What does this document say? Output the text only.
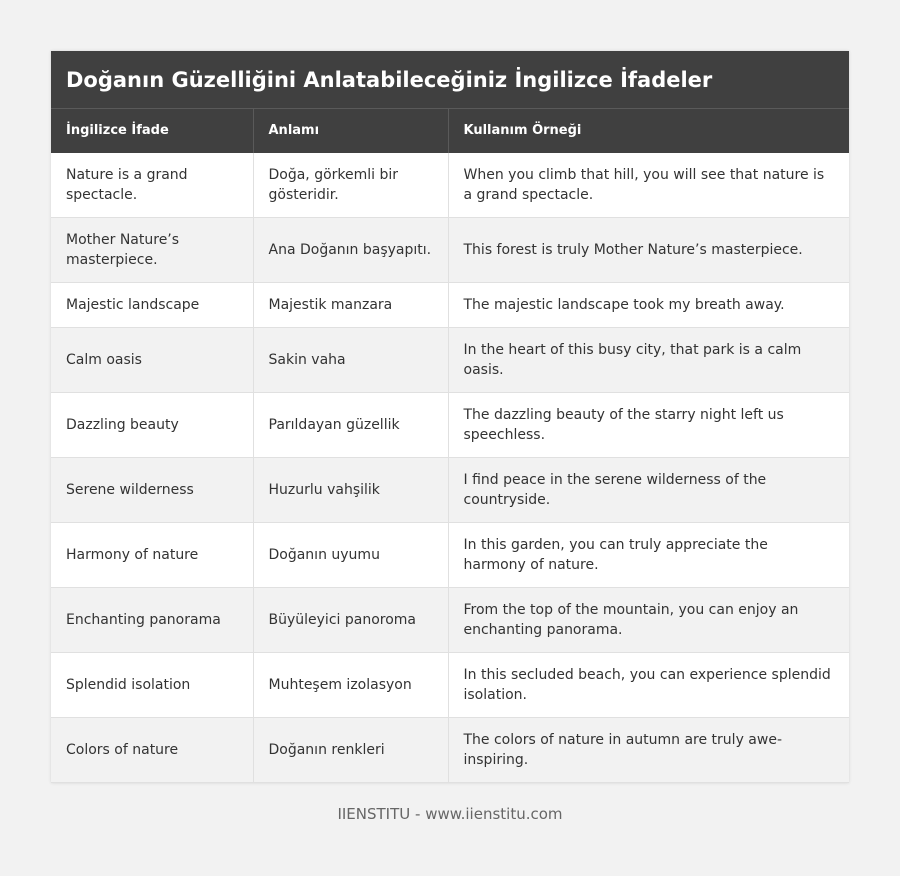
Doğanın Güzelliğini Anlatabileceğiniz İngilizce İfadeler
İngilizce İfade	Anlamı	Kullanım Örneği
Nature is a grand spectacle.	Doğa, görkemli bir gösteridir.	When you climb that hill, you will see that nature is a grand spectacle.
Mother Nature’s masterpiece.	Ana Doğanın başyapıtı.	This forest is truly Mother Nature’s masterpiece.
Majestic landscape	Majestik manzara	The majestic landscape took my breath away.
Calm oasis	Sakin vaha	In the heart of this busy city, that park is a calm oasis.
Dazzling beauty	Parıldayan güzellik	The dazzling beauty of the starry night left us speechless.
Serene wilderness	Huzurlu vahşilik	I find peace in the serene wilderness of the countryside.
Harmony of nature	Doğanın uyumu	In this garden, you can truly appreciate the harmony of nature.
Enchanting panorama	Büyüleyici panoroma	From the top of the mountain, you can enjoy an enchanting panorama.
Splendid isolation	Muhteşem izolasyon	In this secluded beach, you can experience splendid isolation.
Colors of nature	Doğanın renkleri	The colors of nature in autumn are truly awe-inspiring.
IIENSTITU - www.iienstitu.com
